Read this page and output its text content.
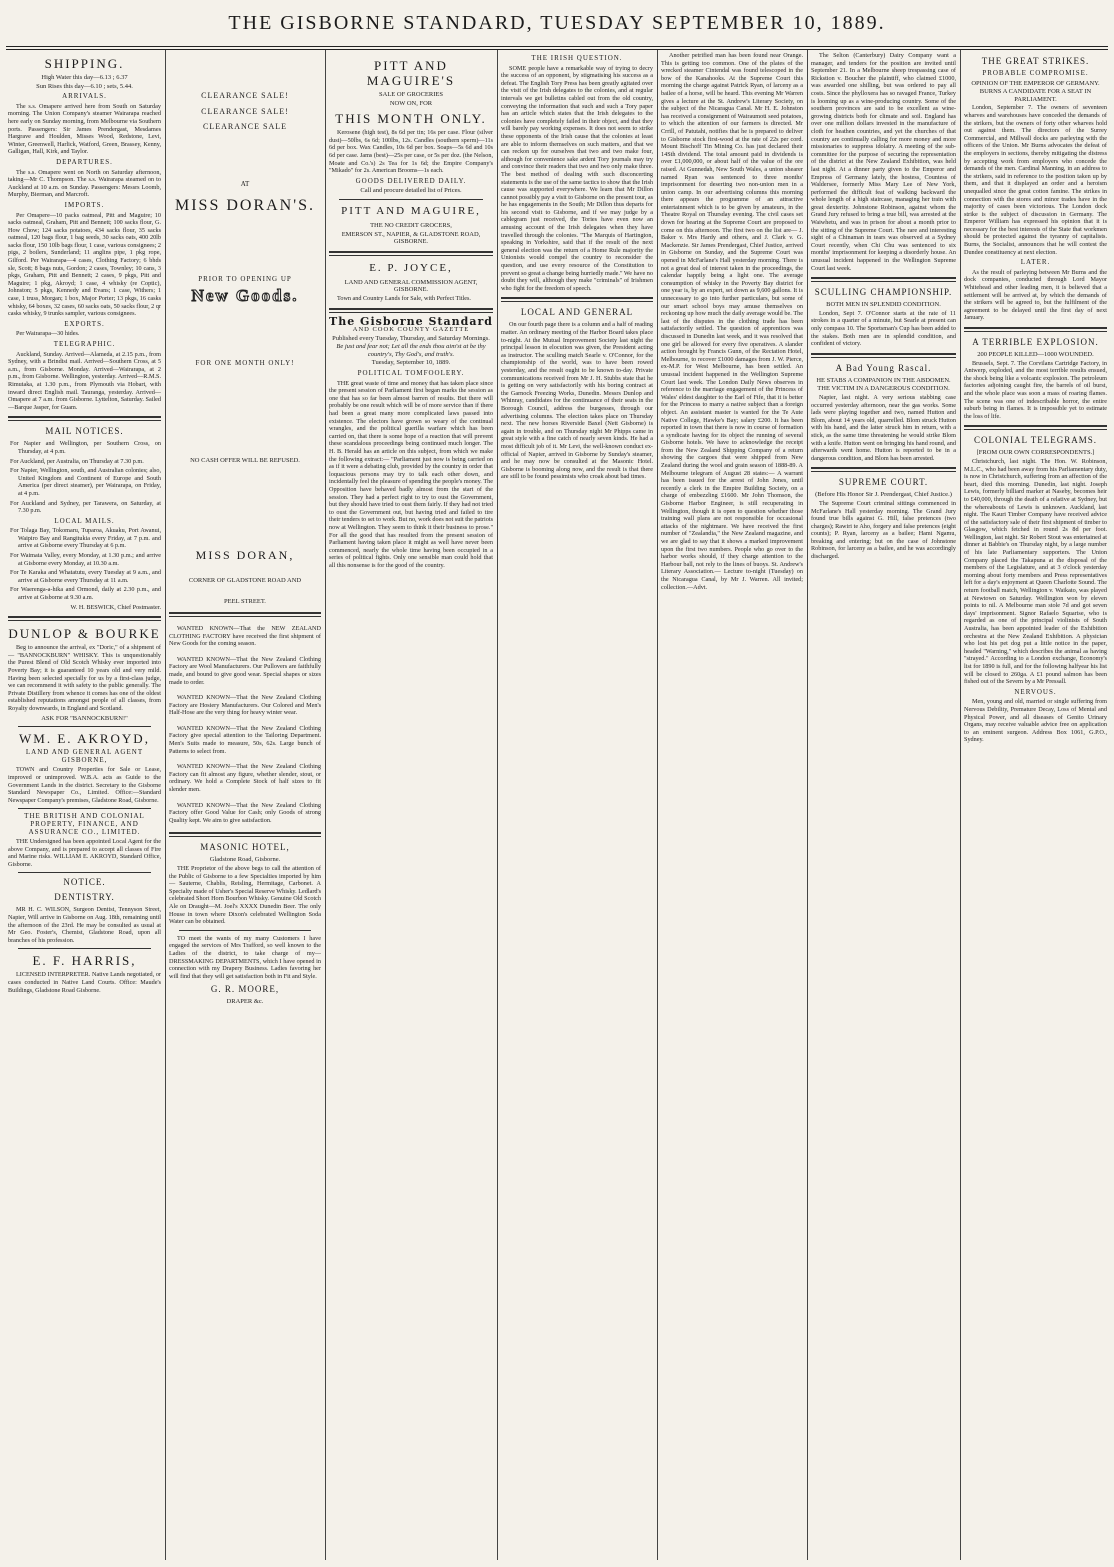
THE GISBORNE STANDARD, TUESDAY SEPTEMBER 10, 1889.
SHIPPING.
High Water this day—6.13 ; 6.37
Sun Rises this day—6.10 ; sets, 5.44.
ARRIVALS.

The s.s. Omapere arrived here from South on Saturday morning. The Union Company's steamer Wairarapa reached here early on Sunday morning, from Melbourne via Southern ports. Passengers: Sir James Prendergast, Mesdames Hargrave and Houlden, Misses Wood, Redstone, Levi, Winter, Greenwell, Harlick, Watford, Green, Brassey, Kenny, Galligan, Hall, Kirk, and Taylor.

DEPARTURES.

The s.s. Omapere went on North on Saturday afternoon, taking—Mr C. Thompson. The s.s. Wairarapa steamed on to Auckland at 10 a.m. on Sunday. Passengers: Messrs Loomb, Murphy, Bierman, and Marcroft.

IMPORTS.

Per Omapere—10 packs oatmeal, Pitt and Maguire; 10 sacks oatmeal, Graham, Pitt and Bennett; 100 sacks flour, G. How Chow; 124 sacks potatoes, 434 sacks flour, 35 sacks oatmeal, 120 bags flour, 1 bag seeds, 30 sacks oats, 400 20lb sacks flour, 150 10lb bags flour, 1 case, various consignees; 2 pigs, 2 boilers, Sunderland; 11 anglins pipe, 1 pkg rope, Gilford. Per Wairarapa—4 cases, Clothing Factory; 6 bhds sle, Scott; 8 bags nuts, Gordon; 2 cases, Townley; 10 cans, 3 pkgs, Graham, Pitt and Bennett; 2 cases, 9 pkgs, Pitt and Maguire; 1 pkg, Akroyd; 1 case, 4 whisky (re Coptic), Johnston; 5 pkgs, Kennedy and Evans; 1 case, Withers; 1 case, 1 truss, Morgan; 1 box, Major Porter; 13 pkgs, 16 casks whisky, 64 boxes, 32 cases, 60 sacks oats, 50 sacks flour, 2 qr casks whisky, 9 trunks sampler, various consignees.

EXPORTS.

Per Wairarapa—30 hides.

TELEGRAPHIC.

Auckland, Sunday. Arrived—Alameda, at 2.15 p.m., from Sydney, with a Brindisi mail. Arrived—Southern Cross, at 5 a.m., from Gisborne. Monday. Arrived—Wairarapa, at 2 p.m., from Gisborne. Wellington, yesterday. Arrived—R.M.S. Rimutaka, at 1.30 p.m., from Plymouth via Hobart, with inward direct English mail. Tauranga, yesterday. Arrived—Omapere at 7 a.m. from Gisborne. Lyttelton, Saturday. Sailed—Barque Jasper, for Guam.

MAIL NOTICES.

For Napier and Wellington, per Southern Cross, on Thursday, at 4 p.m.

For Auckland, per Australia, on Thursday at 7.30 p.m.

For Napier, Wellington, south, and Australian colonies; also, United Kingdom and Continent of Europe and South America (per direct steamer), per Wairarapa, on Friday, at 4 p.m.

For Auckland and Sydney, per Tarawera, on Saturday, at 7.30 p.m.

LOCAL MAILS.

For Tolaga Bay, Tokomaru, Tuparoa, Akuaku, Port Awanui, Waipiro Bay and Rangitukia every Friday, at 7 p.m. and arrive at Gisborne every Thursday at 6 p.m.

For Waimata Valley, every Monday, at 1.30 p.m.; and arrive at Gisborne every Monday, at 10.30 a.m.

For Te Karaka and Whatatutu, every Tuesday at 9 a.m., and arrive at Gisborne every Thursday at 11 a.m.

For Waerenga-a-hika and Ormond, daily at 2.30 p.m., and arrive at Gisborne at 9.30 a.m.

W. H. BESWICK, Chief Postmaster.
DUNLOP & BOURKE

Beg to announce the arrival, ex "Doric," of a shipment of— "BANNOCKBURN" WHISKY. This is unquestionably the Purest Blend of Old Scotch Whisky ever imported into Poverty Bay; it is guaranteed 10 years old and very mild. Having been selected specially for us by a first-class judge, we can recommend it with safety to the public generally. The Private Distillery from whence it comes has one of the oldest established reputations amongst people of all classes, from Royalty downwards, in England and Scotland.

ASK FOR "BANNOCKBURN!"
WM. E. AKROYD,
LAND AND GENERAL AGENT GISBORNE,

TOWN and Country Properties for Sale or Lease, improved or unimproved. W.B.A. acts as Guide to the Government Lands in the district. Secretary to the Gisborne Standard Newspaper Co., Limited. Office:—Standard Newspaper Company's premises, Gladstone Road, Gisborne.

THE BRITISH AND COLONIAL PROPERTY, FINANCE, AND ASSURANCE CO., LIMITED.

THE Undersigned has been appointed Local Agent for the above Company, and is prepared to accept all classes of Fire and Marine risks. WILLIAM E. AKROYD, Standard Office, Gisborne.

NOTICE.
DENTISTRY.

MR H. C. WILSON, Surgeon Dentist, Tennyson Street, Napier, Will arrive in Gisborne on Aug. 18th, remaining until the afternoon of the 23rd. He may be consulted as usual at Mr Geo. Foster's, Chemist, Gladstone Road, upon all branches of his profession.

E. F. HARRIS,

LICENSED INTERPRETER. Native Lands negotiated, or cases conducted in Native Land Courts. Office: Maude's Buildings, Gladstone Road Gisborne.

CLEARANCE SALE!
CLEARANCE SALE!
CLEARANCE SALE
AT
MISS DORAN'S.
PRIOR TO OPENING UP
New Goods.
FOR ONE MONTH ONLY!
NO CASH OFFER WILL BE REFUSED.
MISS DORAN,
CORNER OF GLADSTONE ROAD AND
PEEL STREET.

WANTED KNOWN—That the NEW ZEALAND CLOTHING FACTORY have received the first shipment of New Goods for the coming season.

WANTED KNOWN—That the New Zealand Clothing Factory are Wool Manufacturers. Our Pullovers are faithfully made, and bound to give good wear. Special shapes or sizes made to order.

WANTED KNOWN—That the New Zealand Clothing Factory are Hosiery Manufacturers. Our Colored and Men's Half-Hose are the very thing for heavy winter wear.

WANTED KNOWN—That the New Zealand Clothing Factory give special attention to the Tailoring Department. Men's Suits made to measure, 50s, 62s. Large bunch of Patterns to select from.

WANTED KNOWN—That the New Zealand Clothing Factory can fit almost any figure, whether slender, stout, or ordinary. We hold a Complete Stock of half sizes to fit slender men.

WANTED KNOWN—That the New Zealand Clothing Factory offer Good Value for Cash; only Goods of strong Quality kept. We aim to give satisfaction.

MASONIC HOTEL,
Gladstone Road, Gisborne.

THE Proprietor of the above begs to call the attention of the Public of Gisborne to a few Specialties imported by him— Sauterne, Chablis, Reisling, Hermitage, Carbonet. A Specialty made of Usher's Special Reserve Whisky. Ledlard's celebrated Short Horn Bourbon Whisky. Genuine Old Scotch Ale on Draught—M. Joel's XXXX Dunedin Beer. The only House in town where Dixon's celebrated Wellington Soda Water can be obtained.

TO meet the wants of my many Customers I have engaged the services of Mrs Trafford, so well known to the Ladies of the district, to take charge of my— DRESSMAKING DEPARTMENTS, which I have opened in connection with my Drapery Business. Ladies favoring her will find that they will get satisfaction both in Fit and Style.

G. R. MOORE,
DRAPER &c.
PITT AND MAGUIRE'S
SALE OF GROCERIES
NOW ON, FOR
THIS MONTH ONLY.

Kerosene (high test), 8s 6d per tin; 16s per case. Flour (silver dust)—50lbs, 6s 6d; 100lbs, 12s. Candles (southern sperm)—11s 6d per box. Wax Candles, 10s 6d per box. Soaps—5s 6d and 10s 6d per case. Jams (best)—25s per case, or 5s per doz. (the Nelson, Moate and Co.'s) 2s Tea for 1s 6d; the Empire Company's "Mikado" for 2s. American Brooms—1s each.

GOODS DELIVERED DAILY.
Call and procure detailed list of Prices.
PITT AND MAGUIRE,
THE NO CREDIT GROCERS,
EMERSON ST., NAPIER, & GLADSTONE ROAD, GISBORNE.
E. P. JOYCE,
LAND AND GENERAL COMMISSION AGENT, GISBORNE.

Town and Country Lands for Sale, with Perfect Titles.

The Gisborne Standard
AND COOK COUNTY GAZETTE
Published every Tuesday, Thursday, and Saturday Mornings.
Be just and fear not; Let all the ends thou aim'st at be thy country's, Thy God's, and truth's.
Tuesday, September 10, 1889.
POLITICAL TOMFOOLERY.

THE great waste of time and money that has taken place since the present session of Parliament first began marks the session as one that has so far been almost barren of results. But there will probably be one result which will be of more service than if there had been a great many more complicated laws passed into existence. The electors have grown so weary of the continual wrangles, and the political guerilla warfare which has been carried on, that there is some hope of a reaction that will prevent these scandalous proceedings being continued much longer. The H. B. Herald has an article on this subject, from which we make the following extract:— "Parliament just now is being carried on as if it were a debating club, provided by the country in order that loquacious persons may try to talk each other down, and incidentally feel the pleasure of spending the people's money. The Opposition have behaved badly almost from the start of the session. They had a perfect right to try to oust the Government, but they should have tried to oust them fairly. If they had not tried to oust the Government out, but having tried and failed to tire their tenders to set to work. But no, work does not suit the patriots now at Wellington. They seem to think it their business to prose." For all the good that has resulted from the present session of Parliament having taken place it might as well have never been commenced, nearly the whole time having been occupied in a series of political fights. Only one sensible man could hold that all this nonsense is for the good of the country.

THE IRISH QUESTION.

SOME people have a remarkable way of trying to decry the success of an opponent, by stigmatising his success as a defeat. The English Tory Press has been greatly agitated over the visit of the Irish delegates to the colonies, and at regular intervals we get bulletins cabled out from the old country, conveying the information that such and such a Tory paper has an article which states that the Irish delegates to the colonies have completely failed in their object, and that they will barely pay working expenses. It does not seem to strike these opponents of the Irish cause that the colonies at least are able to inform themselves on such matters, and that we can reckon up for ourselves that two and two make four, although for convenience sake ardent Tory journals may try and convince their readers that two and two only make three. The best method of dealing with such disconcerting statements is the use of the same tactics to show that the Irish cause was supported everywhere. We learn that Mr Dillon cannot possibly pay a visit to Gisborne on the present tour, as he has engagements in the South; Mr Dillon thus departs for his second visit to Gisborne, and if we may judge by a cablegram just received, the Tories have even now an amusing account of the Irish delegates when they have travelled through the colonies. "The Marquis of Hartington, speaking in Yorkshire, said that if the result of the next general election was the return of a Home Rule majority the Unionists would compel the country to reconsider the question, and use every resource of the Constitution to prevent so great a change being hurriedly made." We have no doubt they will, although they make "criminals" of Irishmen who fight for the freedom of speech.

LOCAL AND GENERAL

On our fourth page there is a column and a half of reading matter. An ordinary meeting of the Harbor Board takes place to-night. At the Mutual Improvement Society last night the principal lesson in elocution was given, the President acting as instructor. The sculling match Searle v. O'Connor, for the championship of the world, was to have been rowed yesterday, and the result ought to be known to-day. Private communications received from Mr J. H. Stubbs state that he is getting on very satisfactorily with his boring contract at the Garnock Freezing Works, Dunedin. Messrs Dunlop and Whinray, candidates for the continuance of their seats in the Borough Council, address the burgesses, through our advertising columns. The election takes place on Thursday next. The new horses Riverside Baxel (Nett Gisborne) is again in trouble, and on Thursday night Mr Phipps came in great style with a fine catch of nearly seven kinds. He had a most difficult job of it. Mr Levi, the well-known conduct ex-official of Napier, arrived in Gisborne by Sunday's steamer, and he may now be consulted at the Masonic Hotel. Gisborne is booming along now, and the result is that there are still to be found pessimists who croak about bad times.

Another petrified man has been found near Orange. This is getting too common. One of the plates of the wrecked steamer Cintendal was found telescoped in the bow of the Kanahooks. At the Supreme Court this morning the charge against Patrick Ryan, of larceny as a bailee of a horse, will be heard. This evening Mr Warren gives a lecture at the St. Andrew's Literary Society, on the subject of the Nicaragua Canal. Mr H. E. Johnston has received a consignment of Wairaumoti seed potatoes, to which the attention of our farmers is directed. Mr Crrill, of Patutahi, notifies that he is prepared to deliver to Gisborne stock first-wood at the rate of 22s per cord. Mount Bischoff Tin Mining Co. has just declared their 14Sth dividend. The total amount paid in dividends is over £1,000,000, or about half of the value of the ore raised. At Gunnedah, New South Wales, a union shearer named Ryan was sentenced to three months' imprisonment for deserting two non-union men in a union camp. In our advertising columns this morning there appears the programme of an attractive entertainment which is to be given by amateurs, in the Theatre Royal on Thursday evening. The civil cases set down for hearing at the Supreme Court are proposed to come on this afternoon. The first two on the list are— J. Baker v. Mrs Hardy and others, and J. Clark v. G. Mackenzie. Sir James Prendergast, Chief Justice, arrived in Gisborne on Sunday, and the Supreme Court was opened in McFarlane's Hall yesterday morning. There is not a great deal of interest taken in the proceedings, the calendar happily being a light one. The average consumption of whisky in the Poverty Bay district for one year is, by an expert, set down as 9,600 gallons. It is unnecessary to go into further particulars, but some of our smart school boys may amuse themselves on reckoning up how much the daily average would be. The last of the disputes in the clothing trade has been satisfactorily settled. The question of apprentices was discussed in Dunedin last week, and it was resolved that one girl be allowed for every five operatives. A slander action brought by Francis Gunn, of the Rectation Hotel, Melbourne, to recover £1000 damages from J. W. Pierce, ex-M.P. for West Melbourne, has been settled. An unusual incident happened in the Wellington Supreme Court last week. The London Daily News observes in reference to the marriage engagement of the Princess of Wales' eldest daughter to the Earl of Fife, that it is better for the Princess to marry a native subject than a foreign object. An assistant master is wanted for the Te Aute Native College, Hawke's Bay; salary £200. It has been reported in town that there is now in course of formation a syndicate having for its object the running of several Gisborne hotels. We have to acknowledge the receipt from the New Zealand Shipping Company of a return showing the cargoes that were shipped from New Zealand during the wool and grain season of 1888-89. A Melbourne telegram of August 28 states:— A warrant has been issued for the arrest of John Jones, until recently a clerk in the Empire Building Society, on a charge of embezzling £1600. Mr John Thomson, the Gisborne Harbor Engineer, is still recuperating in Wellington, though it is open to question whether those training wall plans are not responsible for occasional attacks of the nightmare. We have received the first number of "Zealandia," the New Zealand magazine, and we are glad to say that it shows a marked improvement upon the first two numbers. People who go over to the harbor works should, if they charge attention to the Harbour ball, not rely to the lines of buoys. St. Andrew's Literary Association.— Lecture to-night (Tuesday) on the Nicaragua Canal, by Mr J. Warren. All invited; collection.—Advt.

The Selton (Canterbury) Dairy Company want a manager, and tenders for the position are invited until September 21. In a Melbourne sheep trespassing case of Rickstion v. Boucher the plaintiff, who claimed £1000, was awarded one shilling, but was ordered to pay all costs. Since the phylloxera has so ravaged France, Turkey is looming up as a wine-producing country. Some of the southern provinces are said to be excellent as wine-growing districts both for climate and soil. England has over one million dollars invested in the manufacture of cloth for heathen countries, and yet the churches of that country are continually calling for more money and more missionaries to suppress idolatry. A meeting of the sub-committee for the purpose of securing the representation of the district at the New Zealand Exhibition, was held last night. At a dinner party given to the Emperor and Empress of Germany lately, the hostess, Countess of Waldersee, formerly Miss Mary Lee of New York, performed the difficult feat of walking backward the whole length of a high staircase, managing her train with great dexterity. Johnstone Robinson, against whom the Grand Jury refused to bring a true bill, was arrested at the Waiwhetu, and was in prison for about a month prior to the sitting of the Supreme Court. The rare and interesting sight of a Chinaman in tears was observed at a Sydney Court recently, when Chi Chu was sentenced to six months' imprisonment for keeping a disorderly house. An unusual incident happened in the Wellington Supreme Court last week.

SCULLING CHAMPIONSHIP.
BOTH MEN IN SPLENDID CONDITION.

London, Sept 7. O'Connor starts at the rate of 11 strokes in a quarter of a minute, but Searle at present can only compass 10. The Sportsman's Cup has been added to the stakes. Both men are in splendid condition, and confident of victory.

A Bad Young Rascal.
HE STABS A COMPANION IN THE ABDOMEN.
THE VICTIM IN A DANGEROUS CONDITION.

Napier, last night. A very serious stabbing case occurred yesterday afternoon, near the gas works. Some lads were playing together and two, named Hutton and Blom, about 14 years old, quarrelled. Blom struck Hutton with his hand, and the latter struck him in return, with a stick, as the same time threatening he would strike Blom with a knife. Hutton went on bringing his hand round, and afterwards went home. Hutton is reported to be in a dangerous condition, and Blom has been arrested.

SUPREME COURT.
(Before His Honor Sir J. Prendergast, Chief Justice.)

The Supreme Court criminal sittings commenced in McFarlane's Hall yesterday morning. The Grand Jury found true bills against G. Hill, false pretences (two charges); Rawiri te Aho, forgery and false pretences (eight counts); P. Ryan, larceny as a bailee; Hami Ngamu, breaking and entering; but on the case of Johnstone Robinson, for larceny as a bailee, and he was accordingly discharged.

THE GREAT STRIKES.
PROBABLE COMPROMISE.
OPINION OF THE EMPEROR OF GERMANY.
BURNS A CANDIDATE FOR A SEAT IN PARLIAMENT.

London, September 7. The owners of seventeen wharves and warehouses have conceded the demands of the strikers, but the owners of forty other wharves hold out against them. The directors of the Surrey Commercial, and Millwall docks are parleying with the officers of the Union. Mr Burns advocates the defeat of the employers in sections, thereby mitigating the distress by accepting work from employers who concede the demands of the men. Cardinal Manning, in an address to the strikers, said in reference to the position taken up by them, and that it displayed an order and a heroism unequalled since the great cotton famine. The strikes in connection with the stores and minor trades have in the majority of cases been victorious. The London dock strike is the subject of discussion in Germany. The Emperor William has expressed his opinion that it is necessary for the best interests of the State that workmen should be protected against the tyranny of capitalists. Burns, the Socialist, announces that he will contest the Dundee constituency at next election.

LATER.

As the result of parleying between Mr Burns and the dock companies, conducted through Lord Mayor Whitehead and other leading men, it is believed that a settlement will be arrived at, by which the demands of the strikers will be agreed to, but the fulfilment of the agreement to be delayed until the first day of next January.

A TERRIBLE EXPLOSION.
200 PEOPLE KILLED—1000 WOUNDED.

Brussels, Sept. 7. The Corvilans Cartridge Factory, in Antwerp, exploded, and the most terrible results ensued, the shock being like a volcanic explosion. The petroleum factories adjoining caught fire, the barrels of oil burst, and the whole place was soon a mass of roaring flames. The scene was one of indescribable horror, the entire suburb being in flames. It is impossible yet to estimate the loss of life.

COLONIAL TELEGRAMS.
[FROM OUR OWN CORRESPONDENTS.]

Christchurch, last night. The Hon. W. Robinson, M.L.C., who had been away from his Parliamentary duty, is now in Christchurch, suffering from an affection of the heart, died this morning. Dunedin, last night. Joseph Lewis, formerly billiard marker at Naseby, becomes heir to £40,000, through the death of a relative at Sydney, but the whereabouts of Lewis is unknown. Auckland, last night. The Kauri Timber Company have received advice of the satisfactory sale of their first shipment of timber to Glasgow, which fetched in round 2s 8d per foot. Wellington, last night. Sir Robert Stout was entertained at dinner at Babbie's on Thursday night, by a large number of his late Parliamentary supporters. The Union Company placed the Takapuna at the disposal of the members of the Legislature, and at 3 o'clock yesterday morning about forty members and Press representatives left for a day's enjoyment at Queen Charlotte Sound. The return football match, Wellington v. Waikato, was played at Newtown on Saturday. Wellington won by eleven points to nil. A Melbourne man stole 7d and got seven days' imprisonment. Signor Rafaelo Squarise, who is regarded as one of the principal violinists of South Australia, has been appointed leader of the Exhibition orchestra at the New Zealand Exhibition. A physician who lost his pet dog put a little notice in the paper, headed "Warning," which describes the animal as having "strayed." According to a London exchange, Economy's list for 1890 is full, and for the following halfyear his list will be closed to 260ga. A £1 pound salmon has been fished out of the Severn by a Mr Pressall.

NERVOUS.

Men, young and old, married or single suffering from Nervous Debility, Premature Decay, Loss of Mental and Physical Power, and all diseases of Genito Urinary Organs, may receive valuable advice free on application to an eminent surgeon. Address Box 1061, G.P.O., Sydney.
